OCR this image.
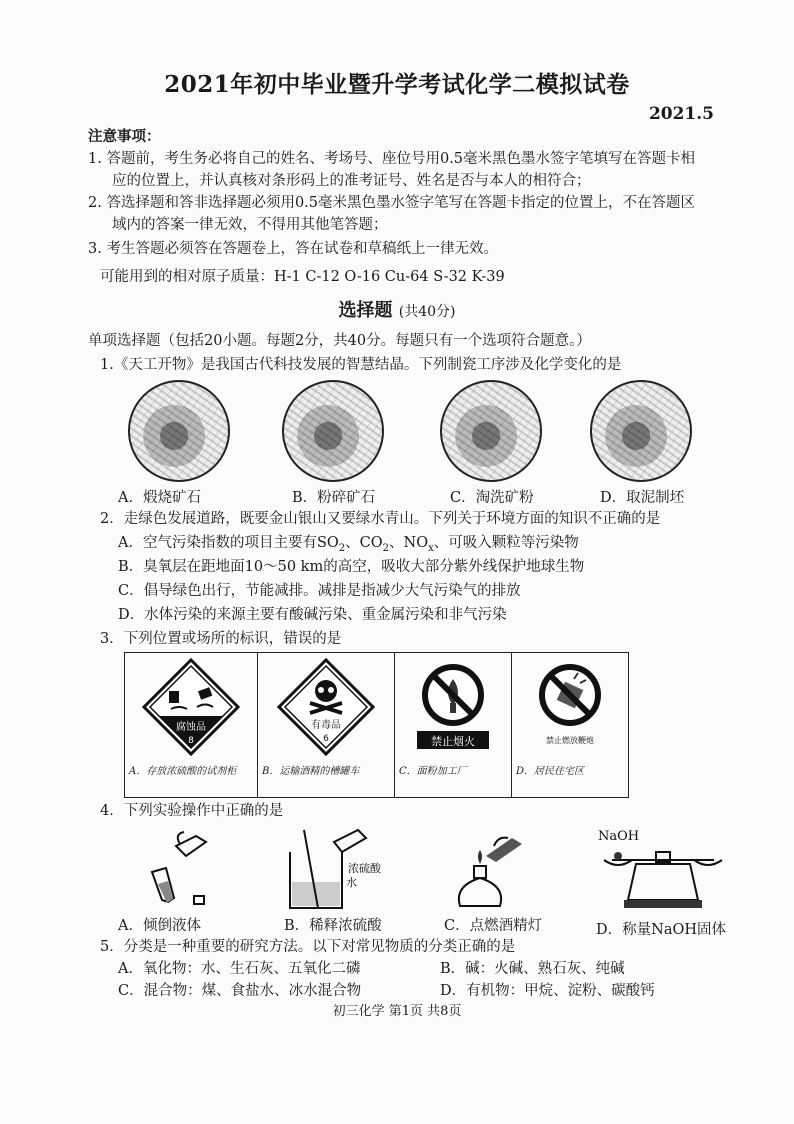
2021年初中毕业暨升学考试化学二模拟试卷
2021.5
注意事项：
1. 答题前，考生务必将自己的姓名、考场号、座位号用0.5毫米黑色墨水签字笔填写在答题卡相
应的位置上，并认真核对条形码上的准考证号、姓名是否与本人的相符合；
2. 答选择题和答非选择题必须用0.5毫米黑色墨水签字笔写在答题卡指定的位置上，不在答题区
域内的答案一律无效，不得用其他笔答题；
3. 考生答题必须答在答题卷上，答在试卷和草稿纸上一律无效。
可能用到的相对原子质量：H-1 C-12 O-16 Cu-64 S-32 K-39
选择题 (共40分)
单项选择题（包括20小题。每题2分，共40分。每题只有一个选项符合题意。）
1.《天工开物》是我国古代科技发展的智慧结晶。下列制瓷工序涉及化学变化的是
A．煅烧矿石	B．粉碎矿石	C．淘洗矿粉	D．取泥制坯
2．走绿色发展道路，既要金山银山又要绿水青山。下列关于环境方面的知识不正确的是
A．空气污染指数的项目主要有$SO_2$、$CO_2$、$NO_x$、可吸入颗粒等污染物
B．臭氧层在距地面10～50 km的高空，吸收大部分紫外线保护地球生物
C．倡导绿色出行，节能减排。减排是指减少大气污染气的排放
D．水体污染的来源主要有酸碱污染、重金属污染和非气污染
3．下列位置或场所的标识，错误的是
腐蚀品
8
A．存放浓硫酸的试剂柜

有毒品
6
B．运输酒精的槽罐车

禁止烟火
C．面粉加工厂

禁止燃放鞭炮
D．居民住宅区
4．下列实验操作中正确的是
浓硫酸
水
NaOH
A．倾倒液体	B．稀释浓硫酸	C．点燃酒精灯	D．称量NaOH固体
5．分类是一种重要的研究方法。以下对常见物质的分类正确的是
A．氧化物：水、生石灰、五氧化二磷	B．碱：火碱、熟石灰、纯碱
C．混合物：煤、食盐水、冰水混合物	D．有机物：甲烷、淀粉、碳酸钙
初三化学 第1页 共8页
